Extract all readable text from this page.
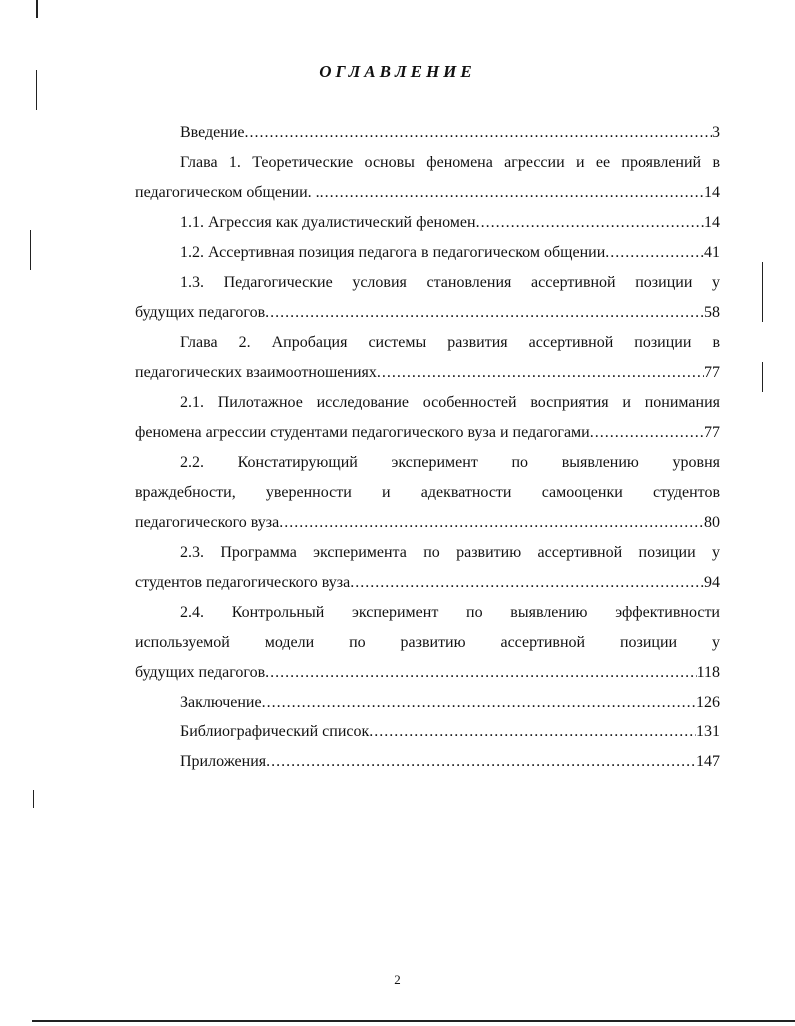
ОГЛАВЛЕНИЕ
Введение .....	3
Глава 1. Теоретические основы феномена агрессии и ее проявлений в
педагогическом общении. . .....	14
1.1. Агрессия как дуалистический феномен .....	14
1.2. Ассертивная позиция педагога в педагогическом общении .....	41
1.3. Педагогические условия становления ассертивной позиции у
будущих педагогов .....	58
Глава 2. Апробация системы развития ассертивной позиции в
педагогических взаимоотношениях .....	77
2.1. Пилотажное исследование особенностей восприятия и понимания
феномена агрессии студентами педагогического вуза и педагогами .....	77
2.2. Констатирующий эксперимент по выявлению уровня
враждебности, уверенности и адекватности самооценки студентов
педагогического вуза .....	80
2.3. Программа эксперимента по развитию ассертивной позиции у
студентов педагогического вуза .....	94
2.4. Контрольный эксперимент по выявлению эффективности
используемой модели по развитию ассертивной позиции у
будущих педагогов .....	118
Заключение .....	126
Библиографический список .....	131
Приложения .....	147
2
